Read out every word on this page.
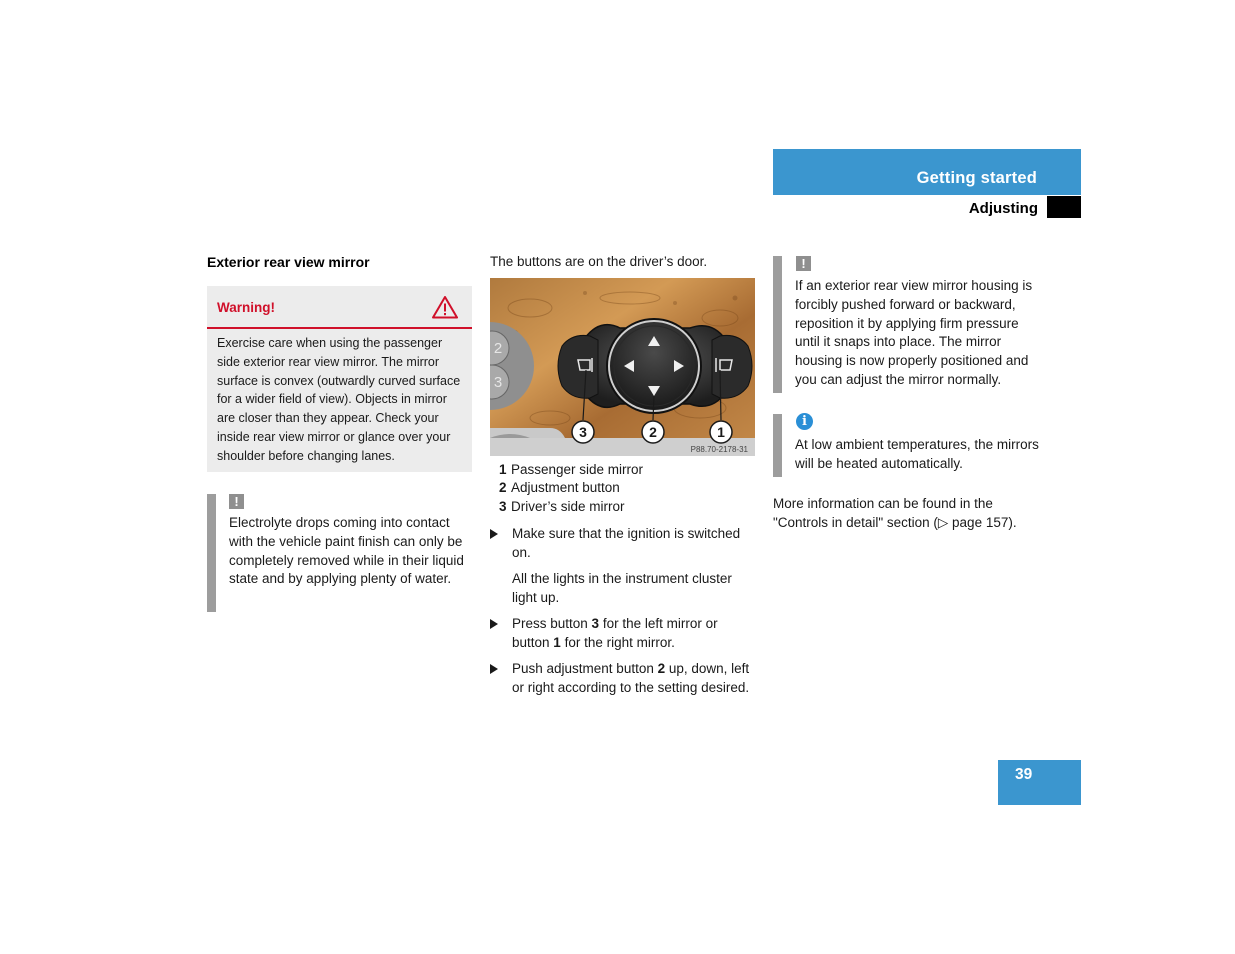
Getting started
Adjusting
Exterior rear view mirror
Warning!
Exercise care when using the passenger side exterior rear view mirror. The mirror surface is convex (outwardly curved surface for a wider field of view). Objects in mirror are closer than they appear. Check your inside rear view mirror or glance over your shoulder before changing lanes.
!
Electrolyte drops coming into contact with the vehicle paint finish can only be completely removed while in their liquid state and by applying plenty of water.
The buttons are on the driver’s door.
3	2	1
2
3
P88.70-2178-31
1 Passenger side mirror
2 Adjustment button
3 Driver’s side mirror
Make sure that the ignition is switched on.
All the lights in the instrument cluster light up.
Press button 3 for the left mirror or button 1 for the right mirror.
Push adjustment button 2 up, down, left or right according to the setting desired.
!
If an exterior rear view mirror housing is forcibly pushed forward or backward, reposition it by applying firm pressure until it snaps into place. The mirror housing is now properly positioned and you can adjust the mirror normally.
i
At low ambient temperatures, the mirrors will be heated automatically.
More information can be found in the "Controls in detail" section (▷ page 157).
39
